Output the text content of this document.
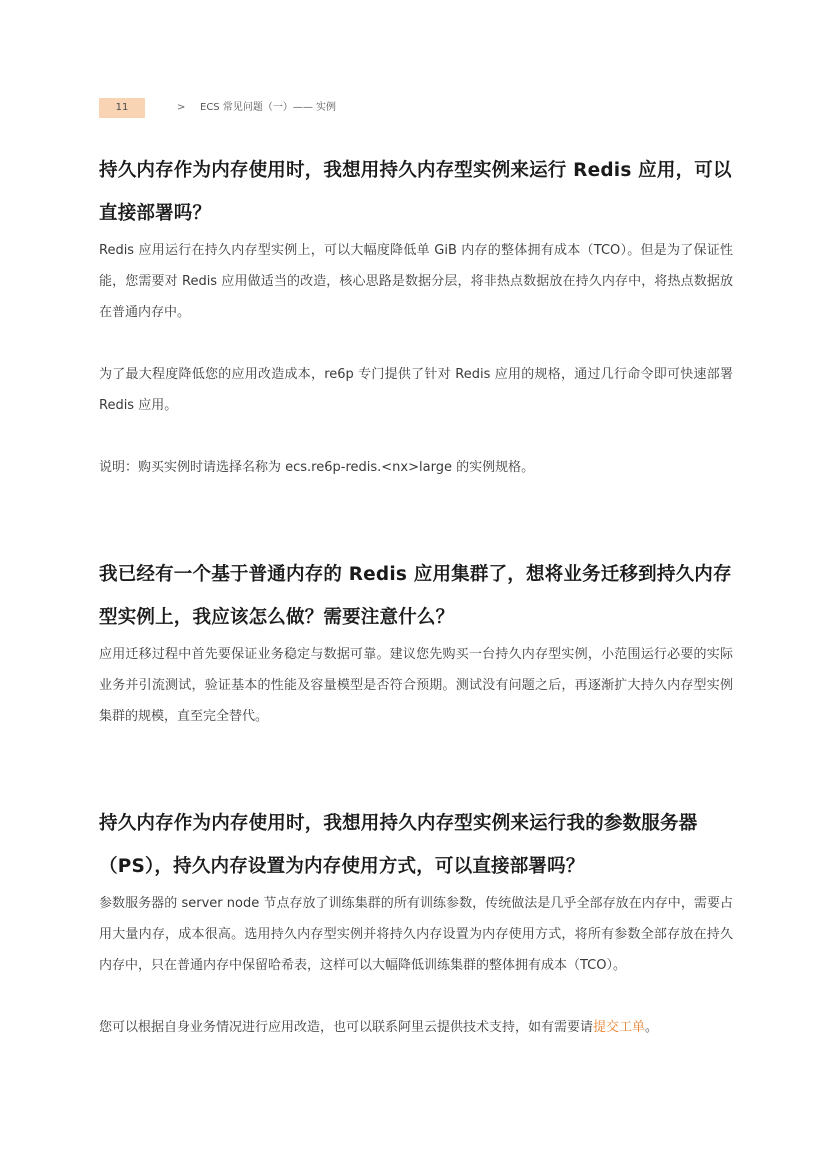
11	> ECS 常见问题（一）—— 实例
持久内存作为内存使用时，我想用持久内存型实例来运行 Redis 应用，可以直接部署吗？

Redis 应用运行在持久内存型实例上，可以大幅度降低单 GiB 内存的整体拥有成本（TCO）。但是为了保证性能，您需要对 Redis 应用做适当的改造，核心思路是数据分层，将非热点数据放在持久内存中，将热点数据放在普通内存中。

为了最大程度降低您的应用改造成本，re6p 专门提供了针对 Redis 应用的规格，通过几行命令即可快速部署 Redis 应用。

说明：购买实例时请选择名称为 ecs.re6p-redis.<nx>large 的实例规格。

我已经有一个基于普通内存的 Redis 应用集群了，想将业务迁移到持久内存型实例上，我应该怎么做？需要注意什么？

应用迁移过程中首先要保证业务稳定与数据可靠。建议您先购买一台持久内存型实例，小范围运行必要的实际业务并引流测试，验证基本的性能及容量模型是否符合预期。测试没有问题之后，再逐渐扩大持久内存型实例集群的规模，直至完全替代。

持久内存作为内存使用时，我想用持久内存型实例来运行我的参数服务器（PS），持久内存设置为内存使用方式，可以直接部署吗？

参数服务器的 server node 节点存放了训练集群的所有训练参数，传统做法是几乎全部存放在内存中，需要占用大量内存，成本很高。选用持久内存型实例并将持久内存设置为内存使用方式，将所有参数全部存放在持久内存中，只在普通内存中保留哈希表，这样可以大幅降低训练集群的整体拥有成本（TCO）。

您可以根据自身业务情况进行应用改造，也可以联系阿里云提供技术支持，如有需要请提交工单。
